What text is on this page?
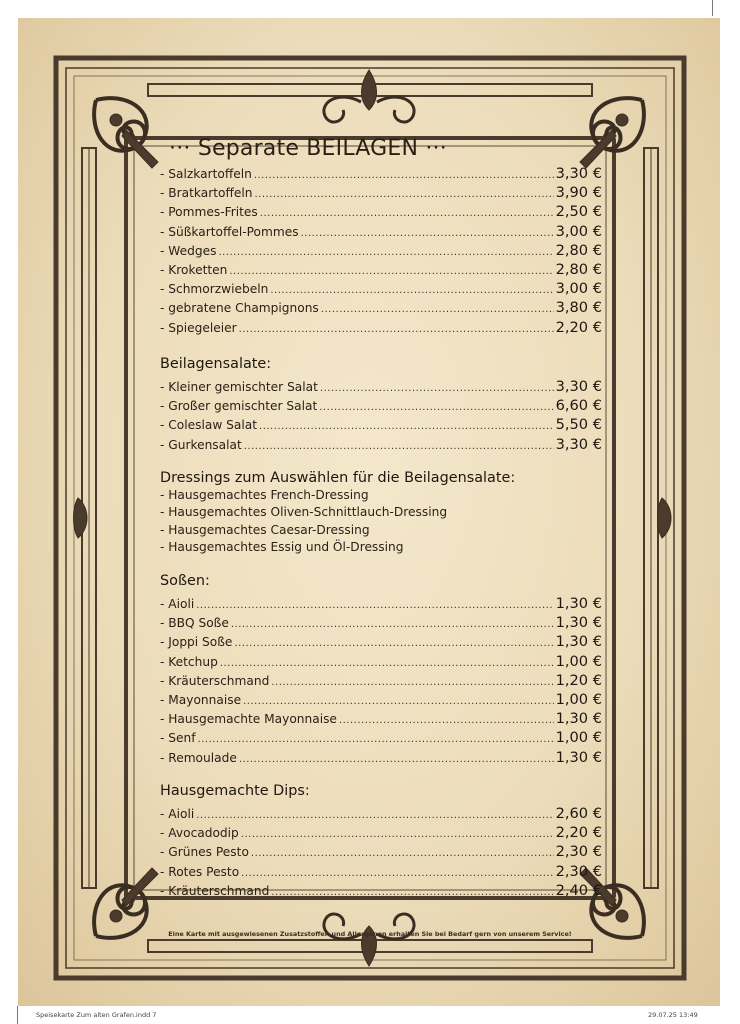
··· Separate BEILAGEN ···
- Salzkartoffeln .....	3,30 €
- Bratkartoffeln .....	3,90 €
- Pommes-Frites .....	2,50 €
- Süßkartoffel-Pommes .....	3,00 €
- Wedges .....	2,80 €
- Kroketten .....	2,80 €
- Schmorzwiebeln .....	3,00 €
- gebratene Champignons .....	3,80 €
- Spiegeleier .....	2,20 €
Beilagensalate:
- Kleiner gemischter Salat .....	3,30 €
- Großer gemischter Salat .....	6,60 €
- Coleslaw Salat .....	5,50 €
- Gurkensalat .....	3,30 €
Dressings zum Auswählen für die Beilagensalate:
- Hausgemachtes French-Dressing
- Hausgemachtes Oliven-Schnittlauch-Dressing
- Hausgemachtes Caesar-Dressing
- Hausgemachtes Essig und Öl-Dressing
Soßen:
- Aioli .....	1,30 €
- BBQ Soße .....	1,30 €
- Joppi Soße .....	1,30 €
- Ketchup .....	1,00 €
- Kräuterschmand .....	1,20 €
- Mayonnaise .....	1,00 €
- Hausgemachte Mayonnaise .....	1,30 €
- Senf .....	1,00 €
- Remoulade .....	1,30 €
Hausgemachte Dips:
- Aioli .....	2,60 €
- Avocadodip .....	2,20 €
- Grünes Pesto .....	2,30 €
- Rotes Pesto .....	2,30 €
- Kräuterschmand .....	2,40 €
Eine Karte mit ausgewiesenen Zusatzstoffen und Allergenen erhalten Sie bei Bedarf gern von unserem Service!
Speisekarte Zum alten Grafen.indd 7	29.07.25 13:49
